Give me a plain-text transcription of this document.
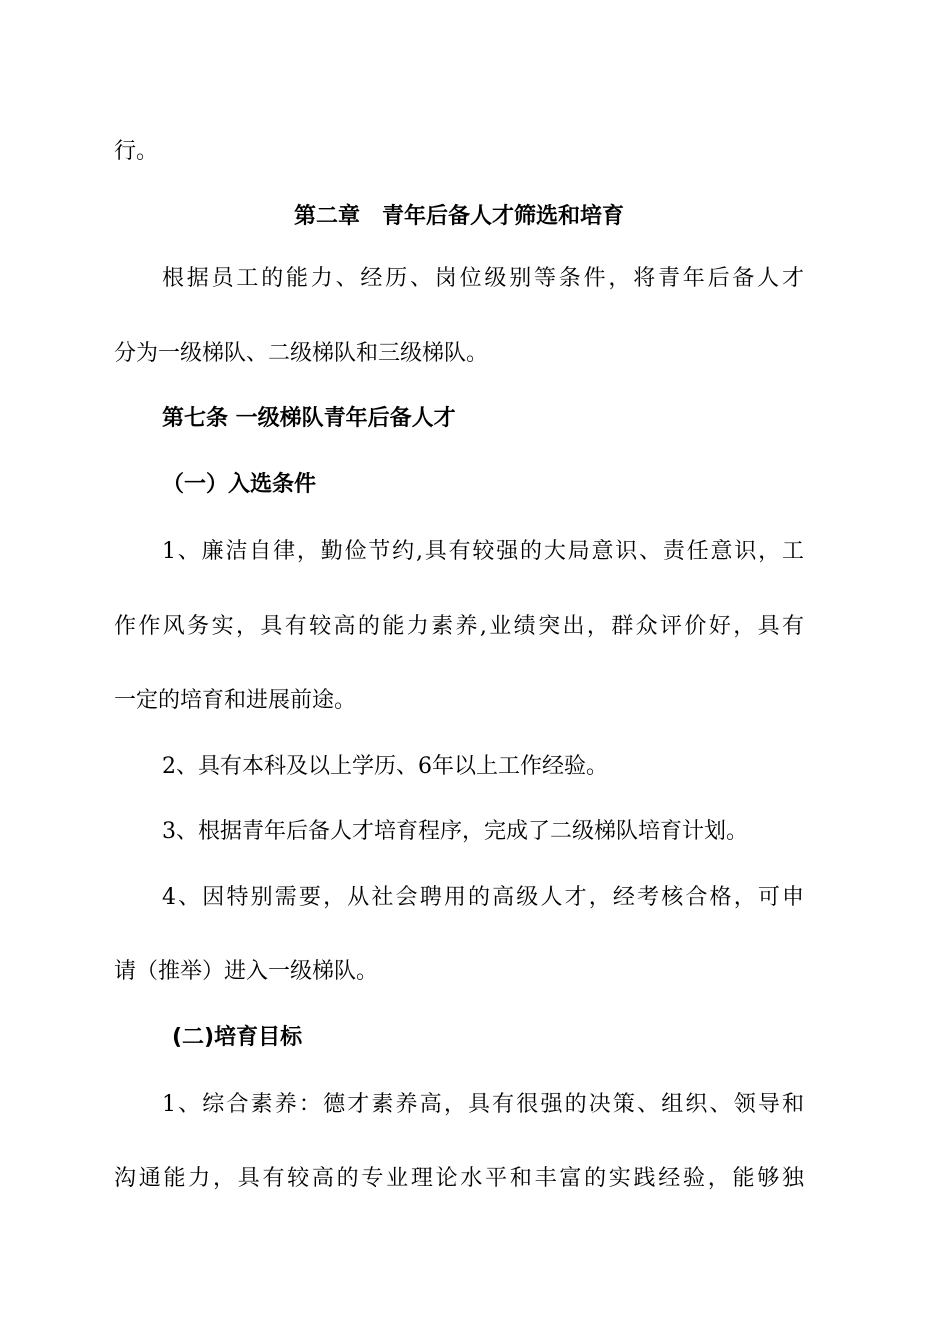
行。
第二章　青年后备人才筛选和培育
根据员工的能力、经历、岗位级别等条件，将青年后备人才
分为一级梯队、二级梯队和三级梯队。
第七条 一级梯队青年后备人才
（一）入选条件
1、廉洁自律，勤俭节约,具有较强的大局意识、责任意识，工
作作风务实，具有较高的能力素养,业绩突出，群众评价好，具有
一定的培育和进展前途。
2、具有本科及以上学历、6年以上工作经验。
3、根据青年后备人才培育程序，完成了二级梯队培育计划。
4、因特别需要，从社会聘用的高级人才，经考核合格，可申
请（推举）进入一级梯队。
(二)培育目标
1、综合素养：德才素养高，具有很强的决策、组织、领导和
沟通能力，具有较高的专业理论水平和丰富的实践经验，能够独
